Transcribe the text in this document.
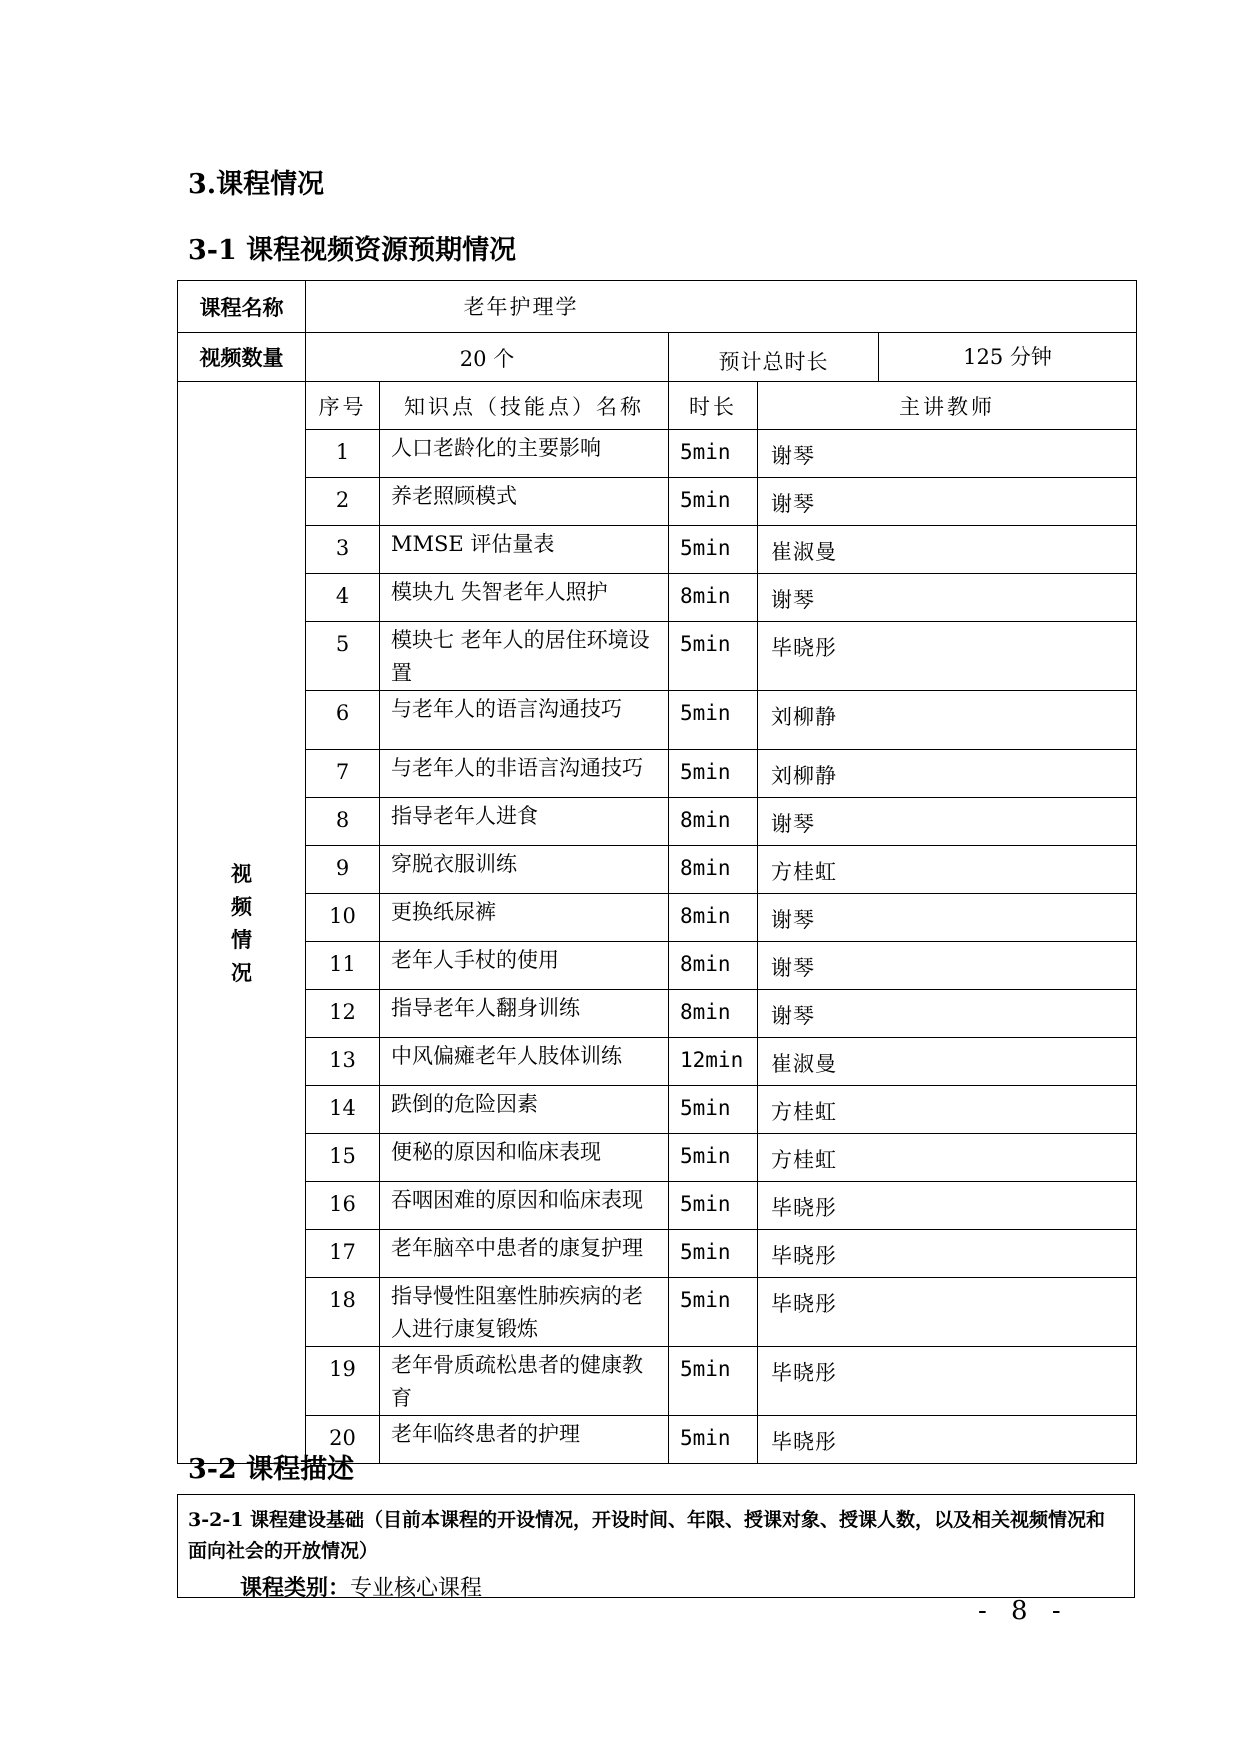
3.课程情况
3-1 课程视频资源预期情况
课程名称	老年护理学			
视频数量	20 个		预计总时长 125 分钟	

视
频
情
况	序号	知识点（技能点）名称	时长	主讲教师
	1	人口老龄化的主要影响	5min	谢琴
	2	养老照顾模式	5min	谢琴
	3	MMSE 评估量表	5min	崔淑曼
	4	模块九 失智老年人照护	8min	谢琴
	5	模块七 老年人的居住环境设置	5min	毕晓彤
	6	与老年人的语言沟通技巧	5min	刘柳静
	7	与老年人的非语言沟通技巧	5min	刘柳静
	8	指导老年人进食	8min	谢琴
	9	穿脱衣服训练	8min	方桂虹
	10	更换纸尿裤	8min	谢琴
	11	老年人手杖的使用	8min	谢琴
	12	指导老年人翻身训练	8min	谢琴
	13	中风偏瘫老年人肢体训练	12min	崔淑曼
	14	跌倒的危险因素	5min	方桂虹
	15	便秘的原因和临床表现	5min	方桂虹
	16	吞咽困难的原因和临床表现	5min	毕晓彤
	17	老年脑卒中患者的康复护理	5min	毕晓彤
	18	指导慢性阻塞性肺疾病的老人进行康复锻炼	5min	毕晓彤
	19	老年骨质疏松患者的健康教育	5min	毕晓彤
	20	老年临终患者的护理	5min	毕晓彤
3-2 课程描述

3-2-1 课程建设基础（目前本课程的开设情况，开设时间、年限、授课对象、授课人数，以及相关视频情况和面向社会的开放情况）

课程类别：专业核心课程

- 8 -
